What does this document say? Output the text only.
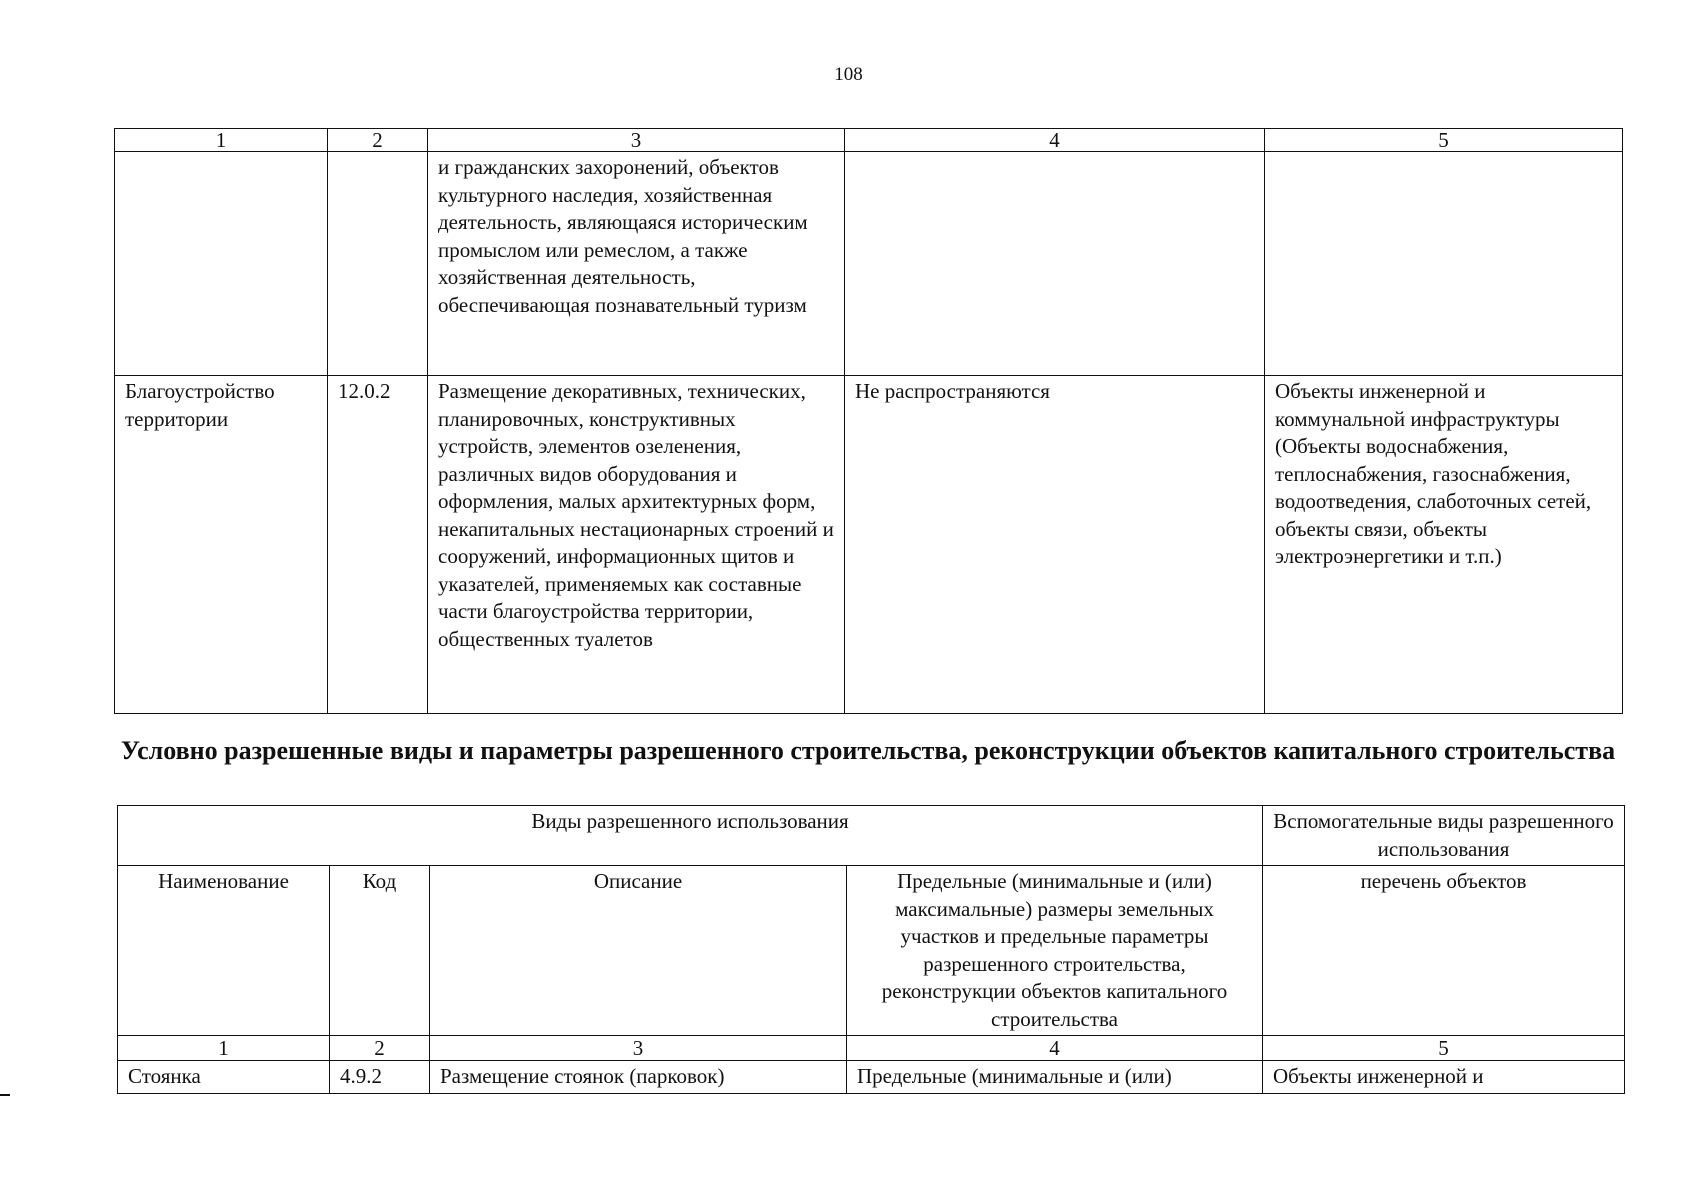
108
1	2	3	4	5
		и гражданских захоронений, объектов культурного наследия, хозяйственная деятельность, являющаяся историческим промыслом или ремеслом, а также хозяйственная деятельность, обеспечивающая познавательный туризм		
Благоустройство территории	12.0.2	Размещение декоративных, технических, планировочных, конструктивных устройств, элементов озеленения, различных видов оборудования и оформления, малых архитектурных форм, некапитальных нестационарных строений и сооружений, информационных щитов и указателей, применяемых как составные части благоустройства территории, общественных туалетов	Не распространяются	Объекты инженерной и коммунальной инфраструктуры (Объекты водоснабжения, теплоснабжения, газоснабжения, водоотведения, слаботочных сетей, объекты связи, объекты электроэнергетики и т.п.)
Условно разрешенные виды и параметры разрешенного строительства, реконструкции объектов капитального строительства
Виды разрешенного использования				Вспомогательные виды разрешенного использования
Наименование	Код	Описание	Предельные (минимальные и (или) максимальные) размеры земельных участков и предельные параметры разрешенного строительства, реконструкции объектов капитального строительства	перечень объектов
1	2	3	4	5
Стоянка	4.9.2	Размещение стоянок (парковок)	Предельные (минимальные и (или)	Объекты инженерной и
